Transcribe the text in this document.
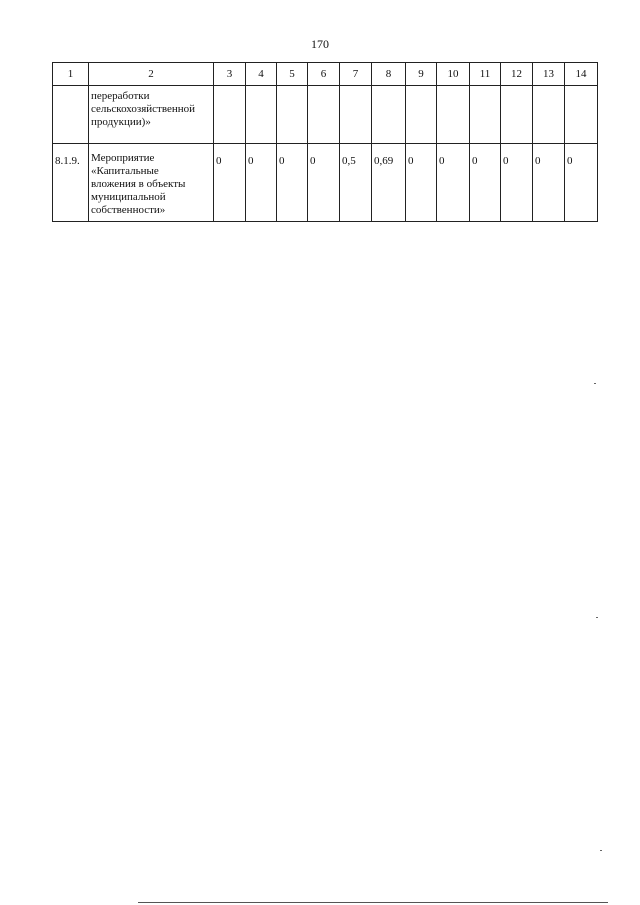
170
1	2	3	4	5	6	7	8	9	10	11	12	13	14

	переработки
сельскохозяйственной
продукции)»												

8.1.9.	Мероприятие
«Капитальные
вложения в объекты
муниципальной
собственности»	0	0	0	0	0,5	0,69	0	0	0	0	0	0
